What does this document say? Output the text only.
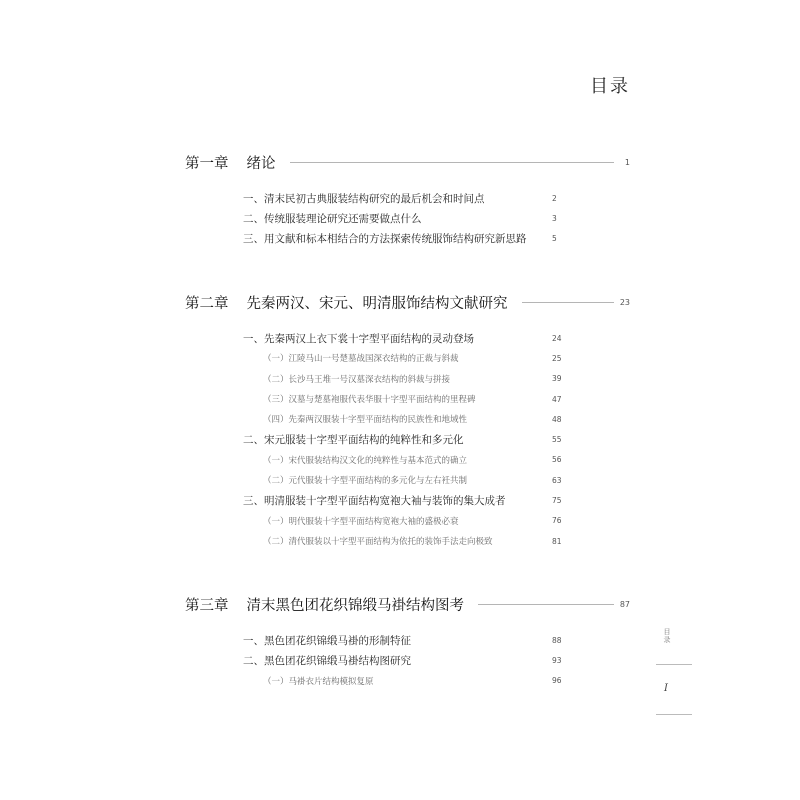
目录
第一章 绪论	1
一、清末民初古典服装结构研究的最后机会和时间点	2
二、传统服装理论研究还需要做点什么	3
三、用文献和标本相结合的方法探索传统服饰结构研究新思路	5
第二章 先秦两汉、宋元、明清服饰结构文献研究	23
一、先秦两汉上衣下裳十字型平面结构的灵动登场	24
（一）江陵马山一号楚墓战国深衣结构的正裁与斜裁	25
（二）长沙马王堆一号汉墓深衣结构的斜裁与拼接	39
（三）汉墓与楚墓袍服代表华服十字型平面结构的里程碑	47
（四）先秦两汉服装十字型平面结构的民族性和地域性	48
二、宋元服装十字型平面结构的纯粹性和多元化	55
（一）宋代服装结构汉文化的纯粹性与基本范式的确立	56
（二）元代服装十字型平面结构的多元化与左右衽共制	63
三、明清服装十字型平面结构宽袍大袖与装饰的集大成者	75
（一）明代服装十字型平面结构宽袍大袖的盛极必衰	76
（二）清代服装以十字型平面结构为依托的装饰手法走向极致	81
第三章 清末黑色团花织锦缎马褂结构图考	87
一、黑色团花织锦缎马褂的形制特征	88
二、黑色团花织锦缎马褂结构图研究	93
（一）马褂衣片结构模拟复原	96
目录
I
